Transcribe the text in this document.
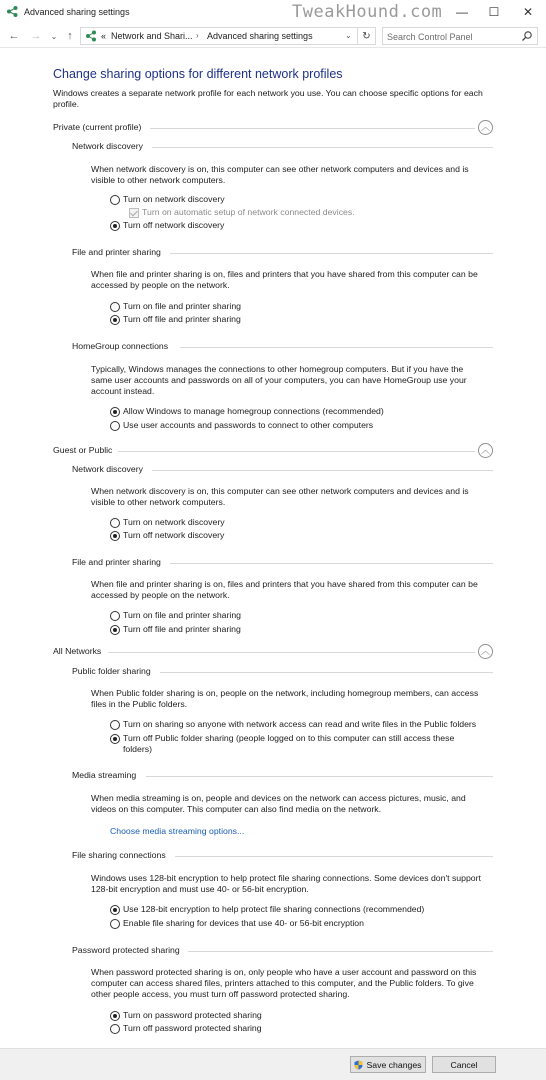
Advanced sharing settings	TweakHound.com — ☐ ✕
← → ⌄ ↑	« Network and Shari... › Advanced sharing settings	⌄ ↻
Search Control Panel
Change sharing options for different network profiles
Windows creates a separate network profile for each network you use. You can choose specific options for each profile.
Private (current profile)	︿
Network discovery
When network discovery is on, this computer can see other network computers and devices and is visible to other network computers.
Turn on network discovery
Turn on automatic setup of network connected devices.
Turn off network discovery
File and printer sharing
When file and printer sharing is on, files and printers that you have shared from this computer can be accessed by people on the network.
Turn on file and printer sharing
Turn off file and printer sharing
HomeGroup connections
Typically, Windows manages the connections to other homegroup computers. But if you have the same user accounts and passwords on all of your computers, you can have HomeGroup use your account instead.
Allow Windows to manage homegroup connections (recommended)
Use user accounts and passwords to connect to other computers
Guest or Public	︿
Network discovery
When network discovery is on, this computer can see other network computers and devices and is visible to other network computers.
Turn on network discovery
Turn off network discovery
File and printer sharing
When file and printer sharing is on, files and printers that you have shared from this computer can be accessed by people on the network.
Turn on file and printer sharing
Turn off file and printer sharing
All Networks	︿
Public folder sharing
When Public folder sharing is on, people on the network, including homegroup members, can access files in the Public folders.
Turn on sharing so anyone with network access can read and write files in the Public folders
Turn off Public folder sharing (people logged on to this computer can still access these folders)
Media streaming
When media streaming is on, people and devices on the network can access pictures, music, and videos on this computer. This computer can also find media on the network.
Choose media streaming options...
File sharing connections
Windows uses 128-bit encryption to help protect file sharing connections. Some devices don't support 128-bit encryption and must use 40- or 56-bit encryption.
Use 128-bit encryption to help protect file sharing connections (recommended)
Enable file sharing for devices that use 40- or 56-bit encryption
Password protected sharing
When password protected sharing is on, only people who have a user account and password on this computer can access shared files, printers attached to this computer, and the Public folders. To give other people access, you must turn off password protected sharing.
Turn on password protected sharing
Turn off password protected sharing
Save changes	Cancel
